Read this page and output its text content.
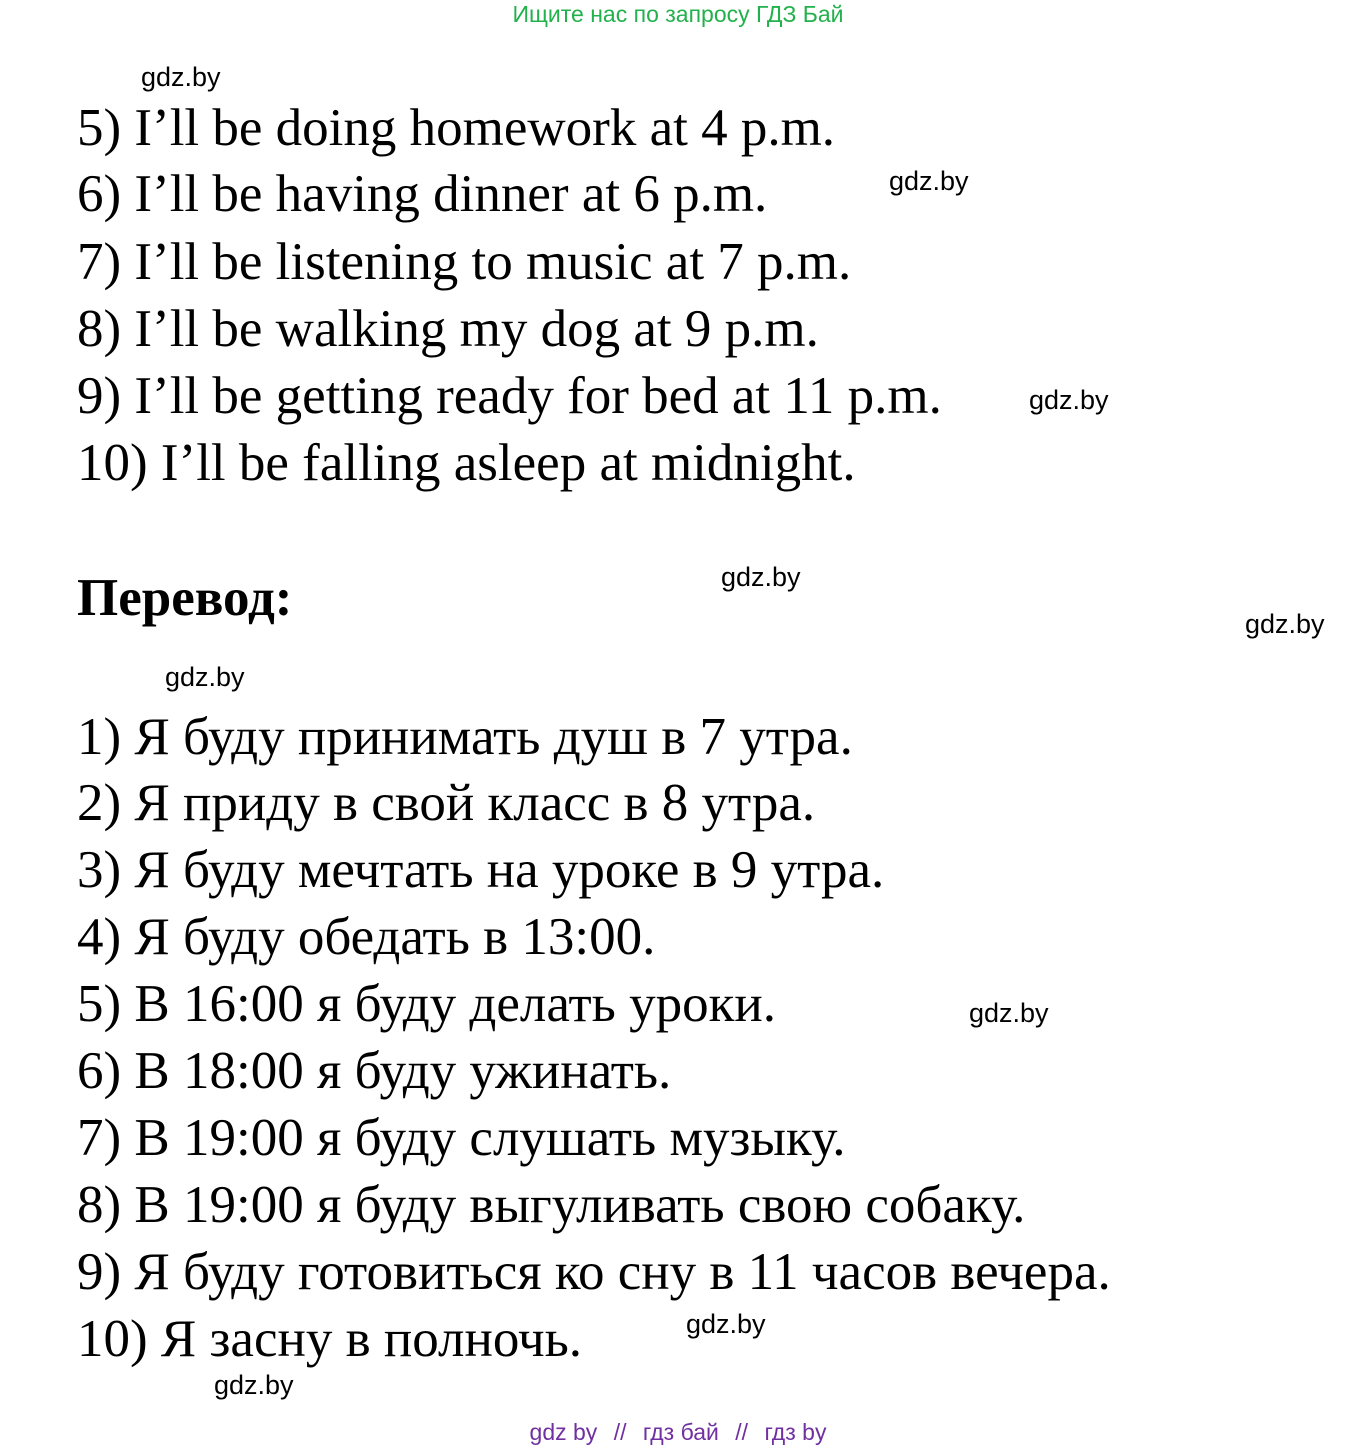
Ищите нас по запросу ГДЗ Бай
5) I’ll be doing homework at 4 p.m.
6) I’ll be having dinner at 6 p.m.
7) I’ll be listening to music at 7 p.m.
8) I’ll be walking my dog at 9 p.m.
9) I’ll be getting ready for bed at 11 p.m.
10) I’ll be falling asleep at midnight.
Перевод:
1) Я буду принимать душ в 7 утра.
2) Я приду в свой класс в 8 утра.
3) Я буду мечтать на уроке в 9 утра.
4) Я буду обедать в 13:00.
5) В 16:00 я буду делать уроки.
6) В 18:00 я буду ужинать.
7) В 19:00 я буду слушать музыку.
8) В 19:00 я буду выгуливать свою собаку.
9) Я буду готовиться ко сну в 11 часов вечера.
10) Я засну в полночь.
gdz.by
gdz.by
gdz.by
gdz.by
gdz.by
gdz.by
gdz.by
gdz.by
gdz.by
gdz by // гдз бай // гдз by
